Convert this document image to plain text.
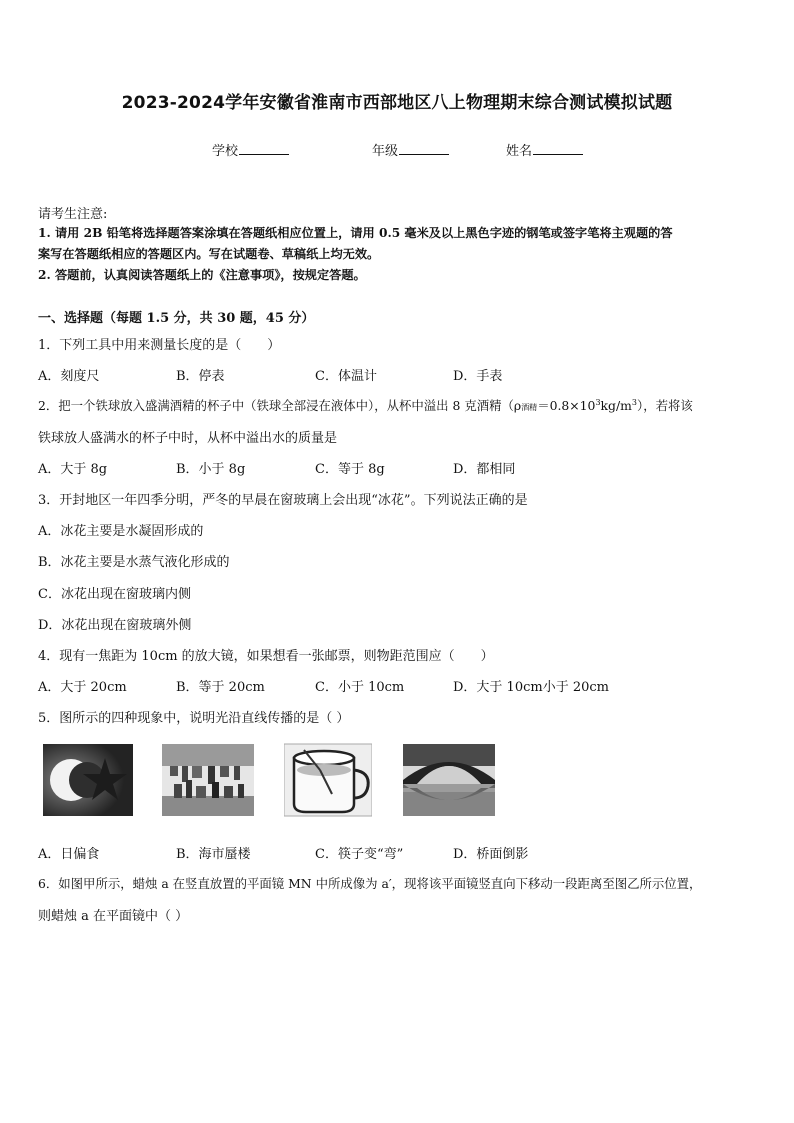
2023-2024学年安徽省淮南市西部地区八上物理期末综合测试模拟试题
学校	年级	姓名
请考生注意:
1. 请用 2B 铅笔将选择题答案涂填在答题纸相应位置上，请用 0.5 毫米及以上黑色字迹的钢笔或签字笔将主观题的答
案写在答题纸相应的答题区内。写在试题卷、草稿纸上均无效。
2. 答题前，认真阅读答题纸上的《注意事项》，按规定答题。
一、选择题（每题 1.5 分，共 30 题，45 分）
1．下列工具中用来测量长度的是（　　）
A．刻度尺	B．停表	C．体温计	D．手表
2．把一个铁球放入盛满酒精的杯子中（铁球全部浸在液体中），从杯中溢出 8 克酒精（ρ酒精$=0.8\times 10^3kg/m^3$），若将该
铁球放人盛满水的杯子中时，从杯中溢出水的质量是
A．大于 8g	B．小于 8g	C．等于 8g	D．都相同
3．开封地区一年四季分明，严冬的早晨在窗玻璃上会出现“冰花”。下列说法正确的是
A．冰花主要是水凝固形成的
B．冰花主要是水蒸气液化形成的
C．冰花出现在窗玻璃内侧
D．冰花出现在窗玻璃外侧
4．现有一焦距为 10cm 的放大镜，如果想看一张邮票，则物距范围应（　　）
A．大于 20cm	B．等于 20cm	C．小于 10cm	D．大于 10cm小于 20cm
5．图所示的四种现象中，说明光沿直线传播的是（ ）
A．日偏食	B．海市蜃楼	C．筷子变“弯”	D．桥面倒影
6．如图甲所示，蜡烛 a 在竖直放置的平面镜 MN 中所成像为 a′，现将该平面镜竖直向下移动一段距离至图乙所示位置，
则蜡烛 a 在平面镜中（ ）
